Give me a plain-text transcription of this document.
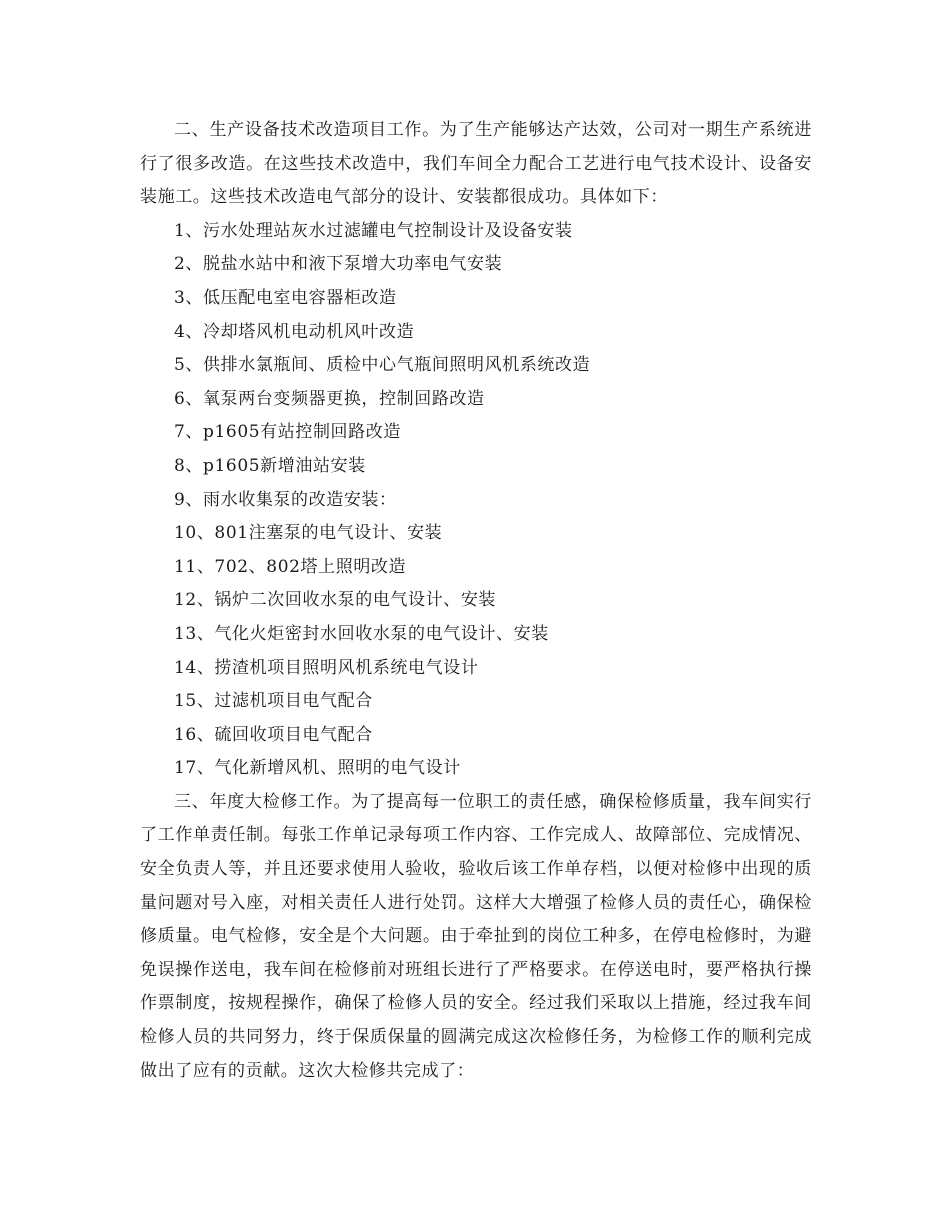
二、生产设备技术改造项目工作。为了生产能够达产达效，公司对一期生产系统进行了很多改造。在这些技术改造中，我们车间全力配合工艺进行电气技术设计、设备安装施工。这些技术改造电气部分的设计、安装都很成功。具体如下：

1、污水处理站灰水过滤罐电气控制设计及设备安装

2、脱盐水站中和液下泵增大功率电气安装

3、低压配电室电容器柜改造

4、冷却塔风机电动机风叶改造

5、供排水氯瓶间、质检中心气瓶间照明风机系统改造

6、氧泵两台变频器更换，控制回路改造

7、p1605有站控制回路改造

8、p1605新增油站安装

9、雨水收集泵的改造安装：

10、801注塞泵的电气设计、安装

11、702、802塔上照明改造

12、锅炉二次回收水泵的电气设计、安装

13、气化火炬密封水回收水泵的电气设计、安装

14、捞渣机项目照明风机系统电气设计

15、过滤机项目电气配合

16、硫回收项目电气配合

17、气化新增风机、照明的电气设计

三、年度大检修工作。为了提高每一位职工的责任感，确保检修质量，我车间实行了工作单责任制。每张工作单记录每项工作内容、工作完成人、故障部位、完成情况、安全负责人等，并且还要求使用人验收，验收后该工作单存档，以便对检修中出现的质量问题对号入座，对相关责任人进行处罚。这样大大增强了检修人员的责任心，确保检修质量。电气检修，安全是个大问题。由于牵扯到的岗位工种多，在停电检修时，为避免误操作送电，我车间在检修前对班组长进行了严格要求。在停送电时，要严格执行操作票制度，按规程操作，确保了检修人员的安全。经过我们采取以上措施，经过我车间检修人员的共同努力，终于保质保量的圆满完成这次检修任务，为检修工作的顺利完成做出了应有的贡献。这次大检修共完成了：
